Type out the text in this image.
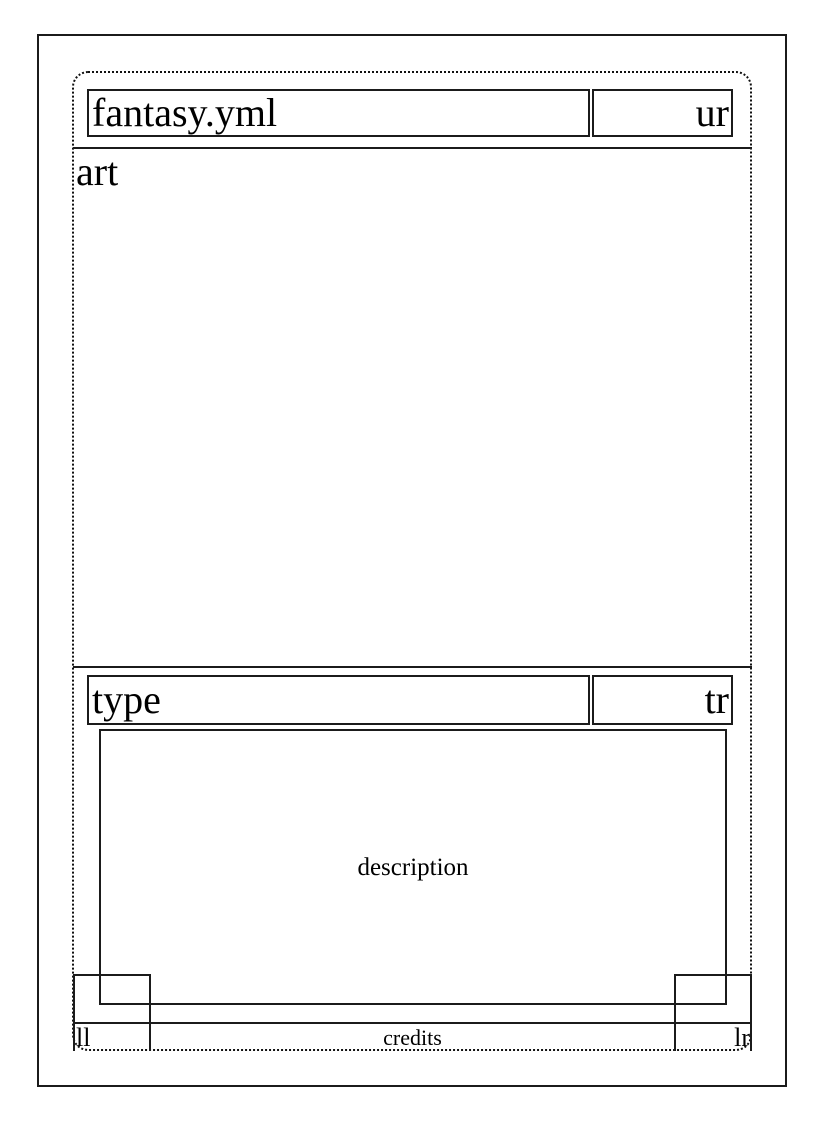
art
fantasy.yml	ur
type	tr
description
credits
ll	lr
